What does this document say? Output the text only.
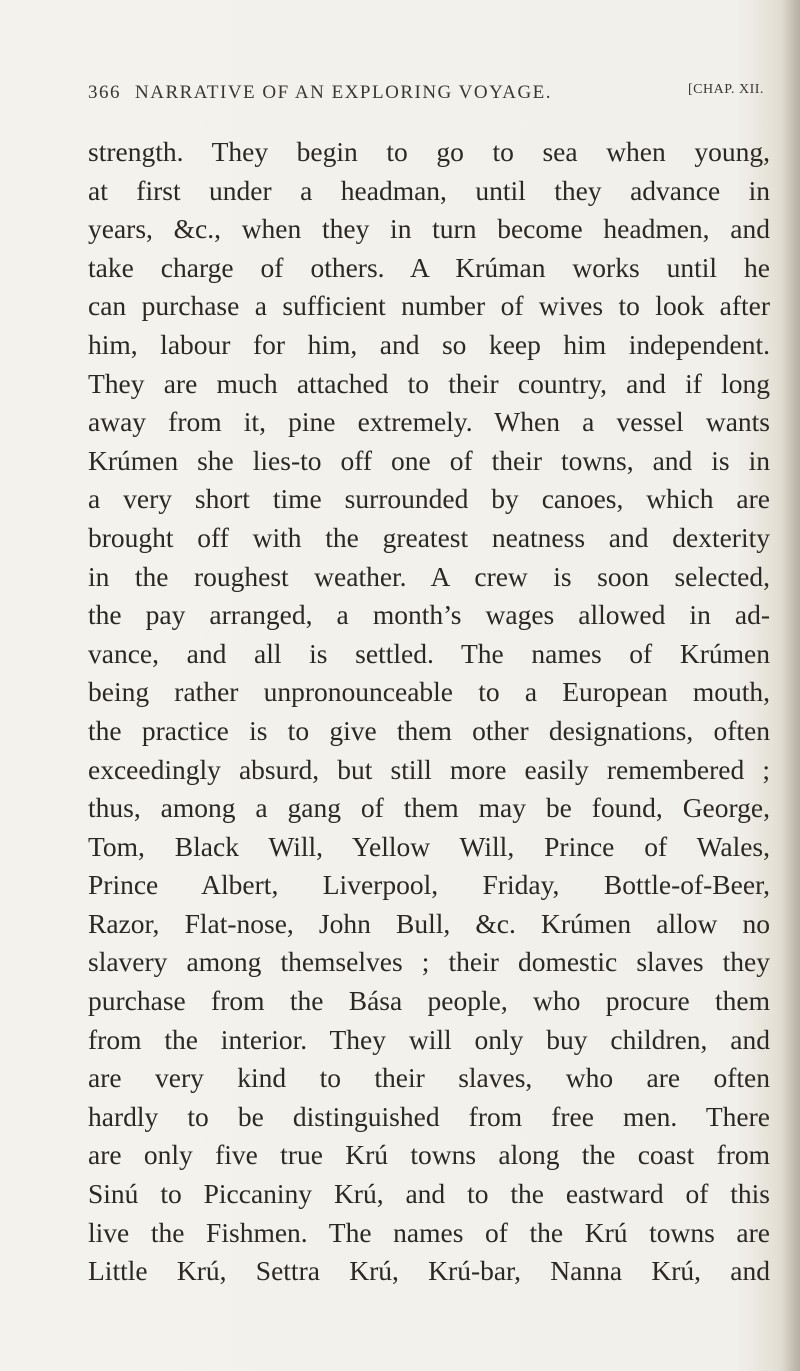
366 NARRATIVE OF AN EXPLORING VOYAGE.	[CHAP. XII.
strength. They begin to go to sea when young,
at first under a headman, until they advance in
years, &c., when they in turn become headmen, and
take charge of others. A Krúman works until he
can purchase a sufficient number of wives to look after
him, labour for him, and so keep him independent.
They are much attached to their country, and if long
away from it, pine extremely. When a vessel wants
Krúmen she lies-to off one of their towns, and is in
a very short time surrounded by canoes, which are
brought off with the greatest neatness and dexterity
in the roughest weather. A crew is soon selected,
the pay arranged, a month’s wages allowed in ad-
vance, and all is settled. The names of Krúmen
being rather unpronounceable to a European mouth,
the practice is to give them other designations, often
exceedingly absurd, but still more easily remembered ;
thus, among a gang of them may be found, George,
Tom, Black Will, Yellow Will, Prince of Wales,
Prince Albert, Liverpool, Friday, Bottle-of-Beer,
Razor, Flat-nose, John Bull, &c. Krúmen allow no
slavery among themselves ; their domestic slaves they
purchase from the Bása people, who procure them
from the interior. They will only buy children, and
are very kind to their slaves, who are often
hardly to be distinguished from free men. There
are only five true Krú towns along the coast from
Sinú to Piccaniny Krú, and to the eastward of this
live the Fishmen. The names of the Krú towns are
Little Krú, Settra Krú, Krú-bar, Nanna Krú, and
